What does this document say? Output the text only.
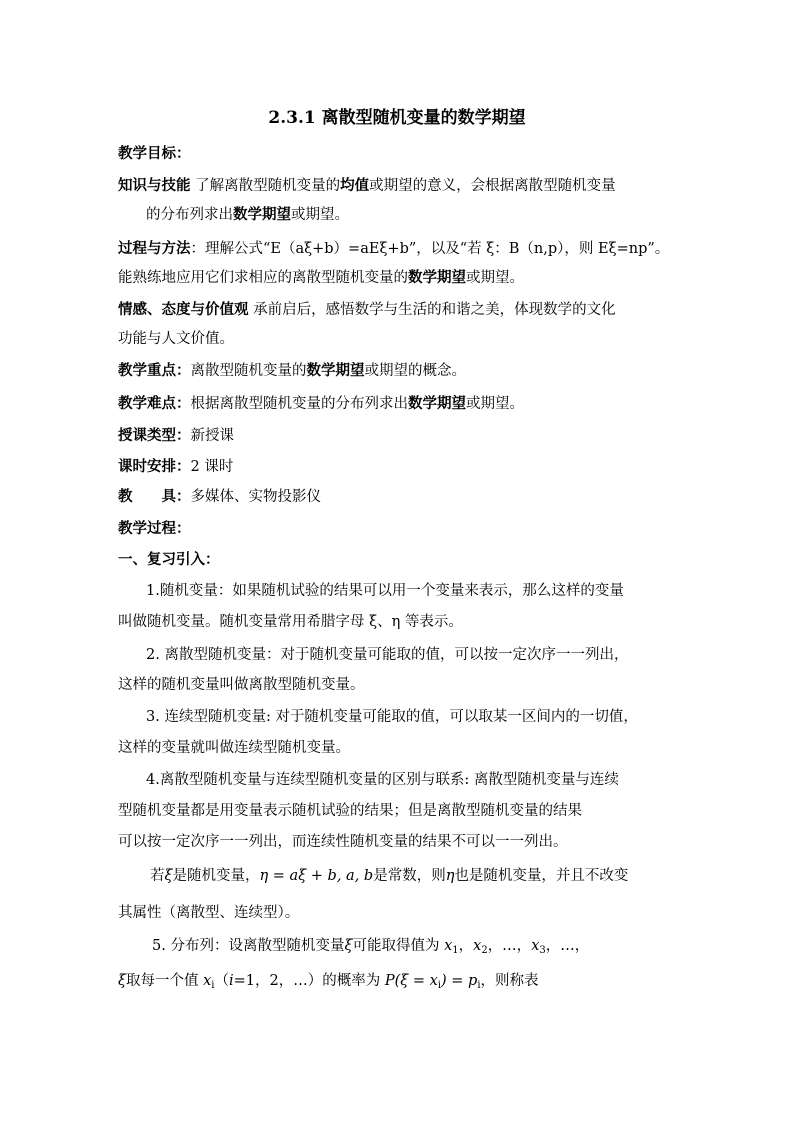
2.3.1 离散型随机变量的数学期望
教学目标：
知识与技能 了解离散型随机变量的均值或期望的意义，会根据离散型随机变量
的分布列求出数学期望或期望。
过程与方法：理解公式“E（aξ+b）=aEξ+b”，以及“若 ξ：B（n,p），则 Eξ=np”。
能熟练地应用它们求相应的离散型随机变量的数学期望或期望。
情感、态度与价值观 承前启后，感悟数学与生活的和谐之美，体现数学的文化
功能与人文价值。
教学重点：离散型随机变量的数学期望或期望的概念。
教学难点：根据离散型随机变量的分布列求出数学期望或期望。
授课类型：新授课
课时安排：2 课时
教　　具：多媒体、实物投影仪
教学过程：
一、复习引入：
1.随机变量：如果随机试验的结果可以用一个变量来表示，那么这样的变量
叫做随机变量。随机变量常用希腊字母 ξ、η 等表示。
2. 离散型随机变量：对于随机变量可能取的值，可以按一定次序一一列出，
这样的随机变量叫做离散型随机变量。
3. 连续型随机变量: 对于随机变量可能取的值，可以取某一区间内的一切值，
这样的变量就叫做连续型随机变量。
4.离散型随机变量与连续型随机变量的区别与联系: 离散型随机变量与连续
型随机变量都是用变量表示随机试验的结果；但是离散型随机变量的结果
可以按一定次序一一列出，而连续性随机变量的结果不可以一一列出。
若ξ是随机变量，η = aξ + b, a, b是常数，则η也是随机变量，并且不改变
其属性（离散型、连续型）。
5. 分布列：设离散型随机变量ξ可能取得值为 $x_1$，$x_2$，…，$x_3$，…，
ξ取每一个值 $x_i(i=1$，2，…）的概率为 $P(\xi = x_i) = p_i$，则称表
